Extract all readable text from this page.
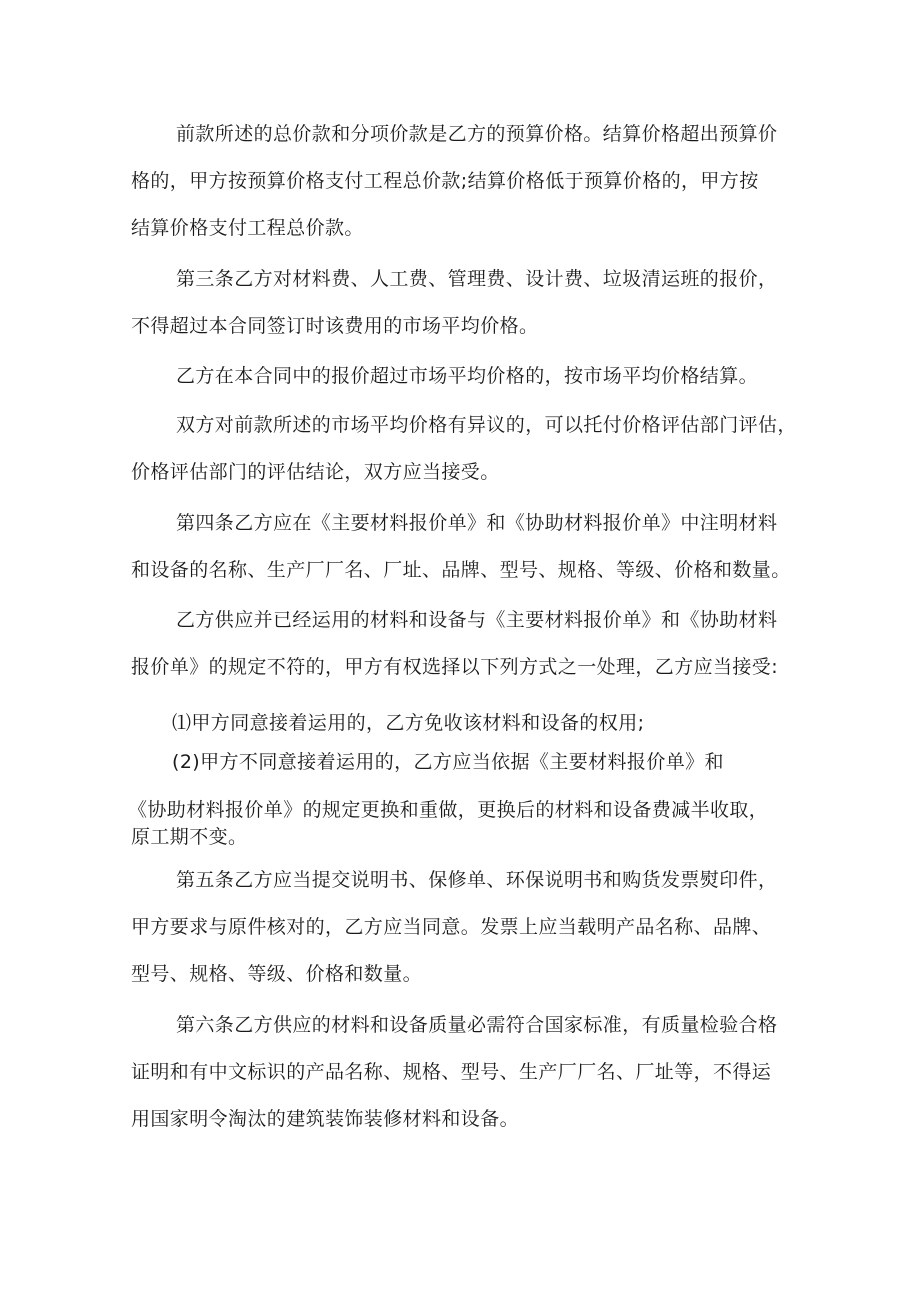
前款所述的总价款和分项价款是乙方的预算价格。结算价格超出预算价

格的，甲方按预算价格支付工程总价款;结算价格低于预算价格的，甲方按

结算价格支付工程总价款。

第三条乙方对材料费、人工费、管理费、设计费、垃圾清运班的报价，

不得超过本合同签订时该费用的市场平均价格。

乙方在本合同中的报价超过市场平均价格的，按市场平均价格结算。

双方对前款所述的市场平均价格有异议的，可以托付价格评估部门评估，

价格评估部门的评估结论，双方应当接受。

第四条乙方应在《主要材料报价单》和《协助材料报价单》中注明材料

和设备的名称、生产厂厂名、厂址、品牌、型号、规格、等级、价格和数量。

乙方供应并已经运用的材料和设备与《主要材料报价单》和《协助材料

报价单》的规定不符的，甲方有权选择以下列方式之一处理，乙方应当接受:

⑴甲方同意接着运用的，乙方免收该材料和设备的权用;

(2)甲方不同意接着运用的，乙方应当依据《主要材料报价单》和

《协助材料报价单》的规定更换和重做，更换后的材料和设备费减半收取，

原工期不变。

第五条乙方应当提交说明书、保修单、环保说明书和购货发票熨印件，

甲方要求与原件核对的，乙方应当同意。发票上应当载明产品名称、品牌、

型号、规格、等级、价格和数量。

第六条乙方供应的材料和设备质量必需符合国家标准，有质量检验合格

证明和有中文标识的产品名称、规格、型号、生产厂厂名、厂址等，不得运

用国家明令淘汰的建筑装饰装修材料和设备。
